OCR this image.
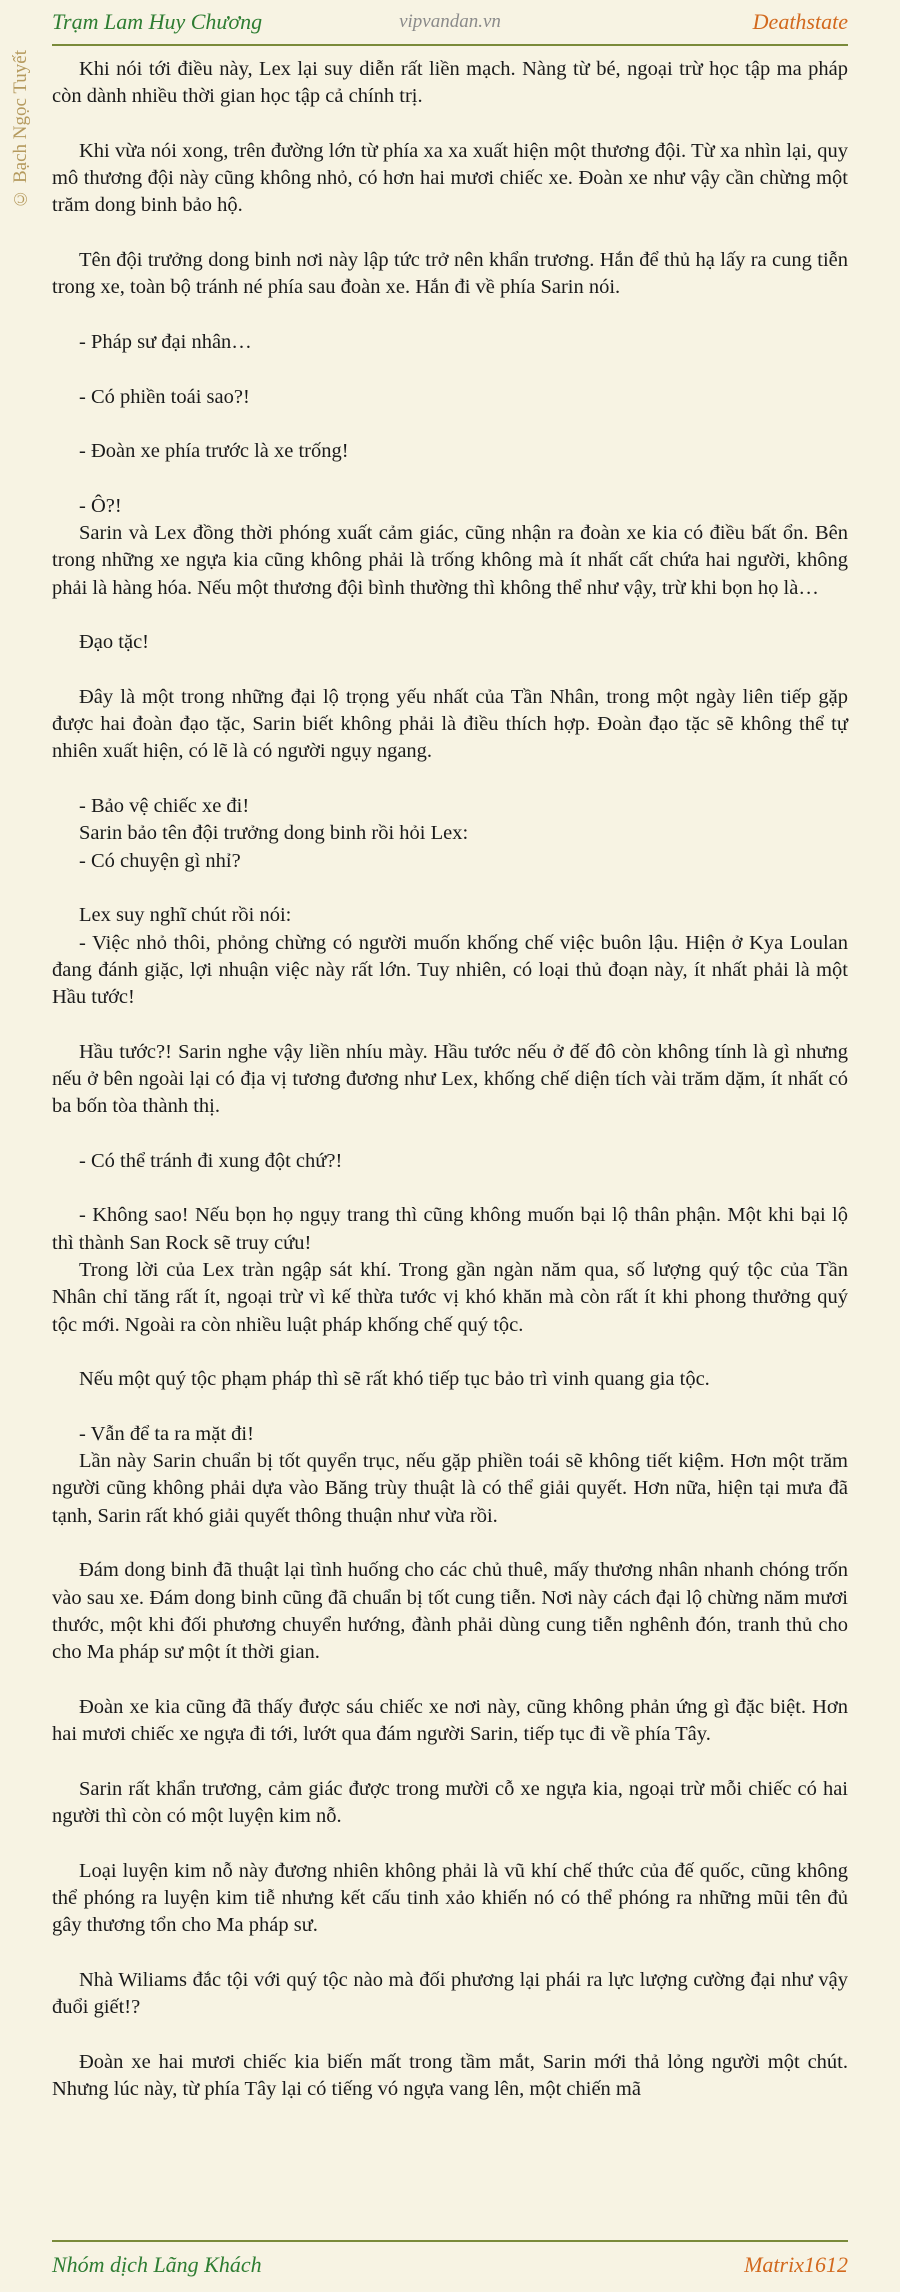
Trạm Lam Huy Chương	vipvandan.vn	Deathstate
© Bạch Ngọc Tuyết	Khi nói tới điều này, Lex lại suy diễn rất liền mạch. Nàng từ bé, ngoại trừ học tập ma pháp còn dành nhiều thời gian học tập cả chính trị.

Khi vừa nói xong, trên đường lớn từ phía xa xa xuất hiện một thương đội. Từ xa nhìn lại, quy mô thương đội này cũng không nhỏ, có hơn hai mươi chiếc xe. Đoàn xe như vậy cần chừng một trăm dong binh bảo hộ.

Tên đội trưởng dong binh nơi này lập tức trở nên khẩn trương. Hắn để thủ hạ lấy ra cung tiễn trong xe, toàn bộ tránh né phía sau đoàn xe. Hắn đi về phía Sarin nói.

- Pháp sư đại nhân…

- Có phiền toái sao?!

- Đoàn xe phía trước là xe trống!

- Ô?!

Sarin và Lex đồng thời phóng xuất cảm giác, cũng nhận ra đoàn xe kia có điều bất ổn. Bên trong những xe ngựa kia cũng không phải là trống không mà ít nhất cất chứa hai người, không phải là hàng hóa. Nếu một thương đội bình thường thì không thể như vậy, trừ khi bọn họ là…

Đạo tặc!

Đây là một trong những đại lộ trọng yếu nhất của Tần Nhân, trong một ngày liên tiếp gặp được hai đoàn đạo tặc, Sarin biết không phải là điều thích hợp. Đoàn đạo tặc sẽ không thể tự nhiên xuất hiện, có lẽ là có người ngụy ngang.

- Bảo vệ chiếc xe đi!

Sarin bảo tên đội trưởng dong binh rồi hỏi Lex:

- Có chuyện gì nhỉ?

Lex suy nghĩ chút rồi nói:

- Việc nhỏ thôi, phỏng chừng có người muốn khống chế việc buôn lậu. Hiện ở Kya Loulan đang đánh giặc, lợi nhuận việc này rất lớn. Tuy nhiên, có loại thủ đoạn này, ít nhất phải là một Hầu tước!

Hầu tước?! Sarin nghe vậy liền nhíu mày. Hầu tước nếu ở đế đô còn không tính là gì nhưng nếu ở bên ngoài lại có địa vị tương đương như Lex, khống chế diện tích vài trăm dặm, ít nhất có ba bốn tòa thành thị.

- Có thể tránh đi xung đột chứ?!

- Không sao! Nếu bọn họ ngụy trang thì cũng không muốn bại lộ thân phận. Một khi bại lộ thì thành San Rock sẽ truy cứu!

Trong lời của Lex tràn ngập sát khí. Trong gần ngàn năm qua, số lượng quý tộc của Tần Nhân chỉ tăng rất ít, ngoại trừ vì kế thừa tước vị khó khăn mà còn rất ít khi phong thưởng quý tộc mới. Ngoài ra còn nhiều luật pháp khống chế quý tộc.

Nếu một quý tộc phạm pháp thì sẽ rất khó tiếp tục bảo trì vinh quang gia tộc.

- Vẫn để ta ra mặt đi!

Lần này Sarin chuẩn bị tốt quyển trục, nếu gặp phiền toái sẽ không tiết kiệm. Hơn một trăm người cũng không phải dựa vào Băng trùy thuật là có thể giải quyết. Hơn nữa, hiện tại mưa đã tạnh, Sarin rất khó giải quyết thông thuận như vừa rồi.

Đám dong binh đã thuật lại tình huống cho các chủ thuê, mấy thương nhân nhanh chóng trốn vào sau xe. Đám dong binh cũng đã chuẩn bị tốt cung tiễn. Nơi này cách đại lộ chừng năm mươi thước, một khi đối phương chuyển hướng, đành phải dùng cung tiễn nghênh đón, tranh thủ cho cho Ma pháp sư một ít thời gian.

Đoàn xe kia cũng đã thấy được sáu chiếc xe nơi này, cũng không phản ứng gì đặc biệt. Hơn hai mươi chiếc xe ngựa đi tới, lướt qua đám người Sarin, tiếp tục đi về phía Tây.

Sarin rất khẩn trương, cảm giác được trong mười cỗ xe ngựa kia, ngoại trừ mỗi chiếc có hai người thì còn có một luyện kim nỗ.

Loại luyện kim nỗ này đương nhiên không phải là vũ khí chế thức của đế quốc, cũng không thể phóng ra luyện kim tiễ nhưng kết cấu tinh xảo khiến nó có thể phóng ra những mũi tên đủ gây thương tổn cho Ma pháp sư.

Nhà Wiliams đắc tội với quý tộc nào mà đối phương lại phái ra lực lượng cường đại như vậy đuổi giết!?

Đoàn xe hai mươi chiếc kia biến mất trong tầm mắt, Sarin mới thả lỏng người một chút. Nhưng lúc này, từ phía Tây lại có tiếng vó ngựa vang lên, một chiến mã

Nhóm dịch Lãng Khách	Matrix1612
